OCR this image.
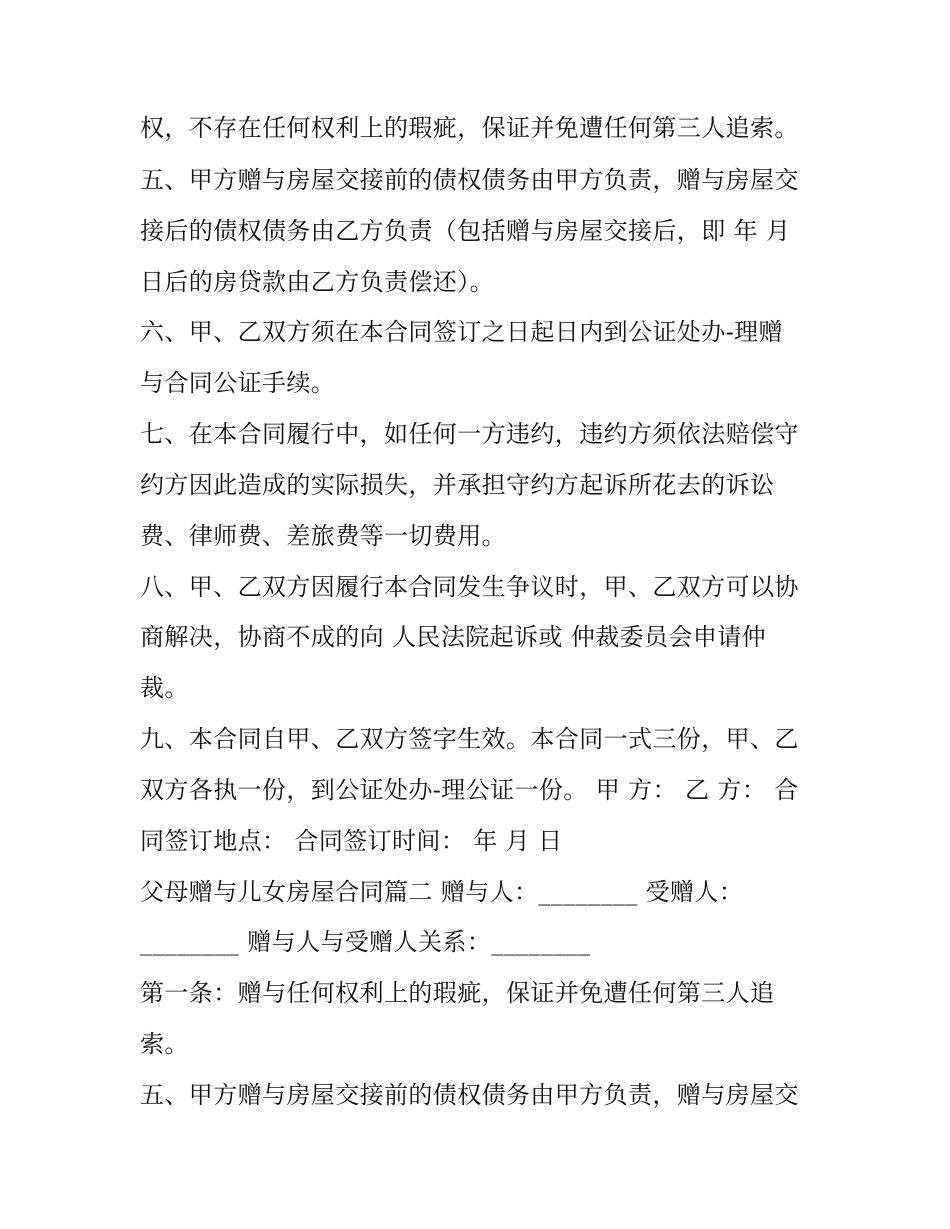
权，不存在任何权利上的瑕疵，保证并免遭任何第三人追索。
五、甲方赠与房屋交接前的债权债务由甲方负责，赠与房屋交
接后的债权债务由乙方负责（包括赠与房屋交接后，即 年 月
日后的房贷款由乙方负责偿还）。
六、甲、乙双方须在本合同签订之日起日内到公证处办-理赠
与合同公证手续。
七、在本合同履行中，如任何一方违约，违约方须依法赔偿守
约方因此造成的实际损失，并承担守约方起诉所花去的诉讼
费、律师费、差旅费等一切费用。
八、甲、乙双方因履行本合同发生争议时，甲、乙双方可以协
商解决，协商不成的向 人民法院起诉或 仲裁委员会申请仲
裁。
九、本合同自甲、乙双方签字生效。本合同一式三份，甲、乙
双方各执一份，到公证处办-理公证一份。 甲 方： 乙 方： 合
同签订地点： 合同签订时间： 年 月 日
父母赠与儿女房屋合同篇二 赠与人：________ 受赠人：
________ 赠与人与受赠人关系：________
第一条：赠与任何权利上的瑕疵，保证并免遭任何第三人追
索。
五、甲方赠与房屋交接前的债权债务由甲方负责，赠与房屋交
